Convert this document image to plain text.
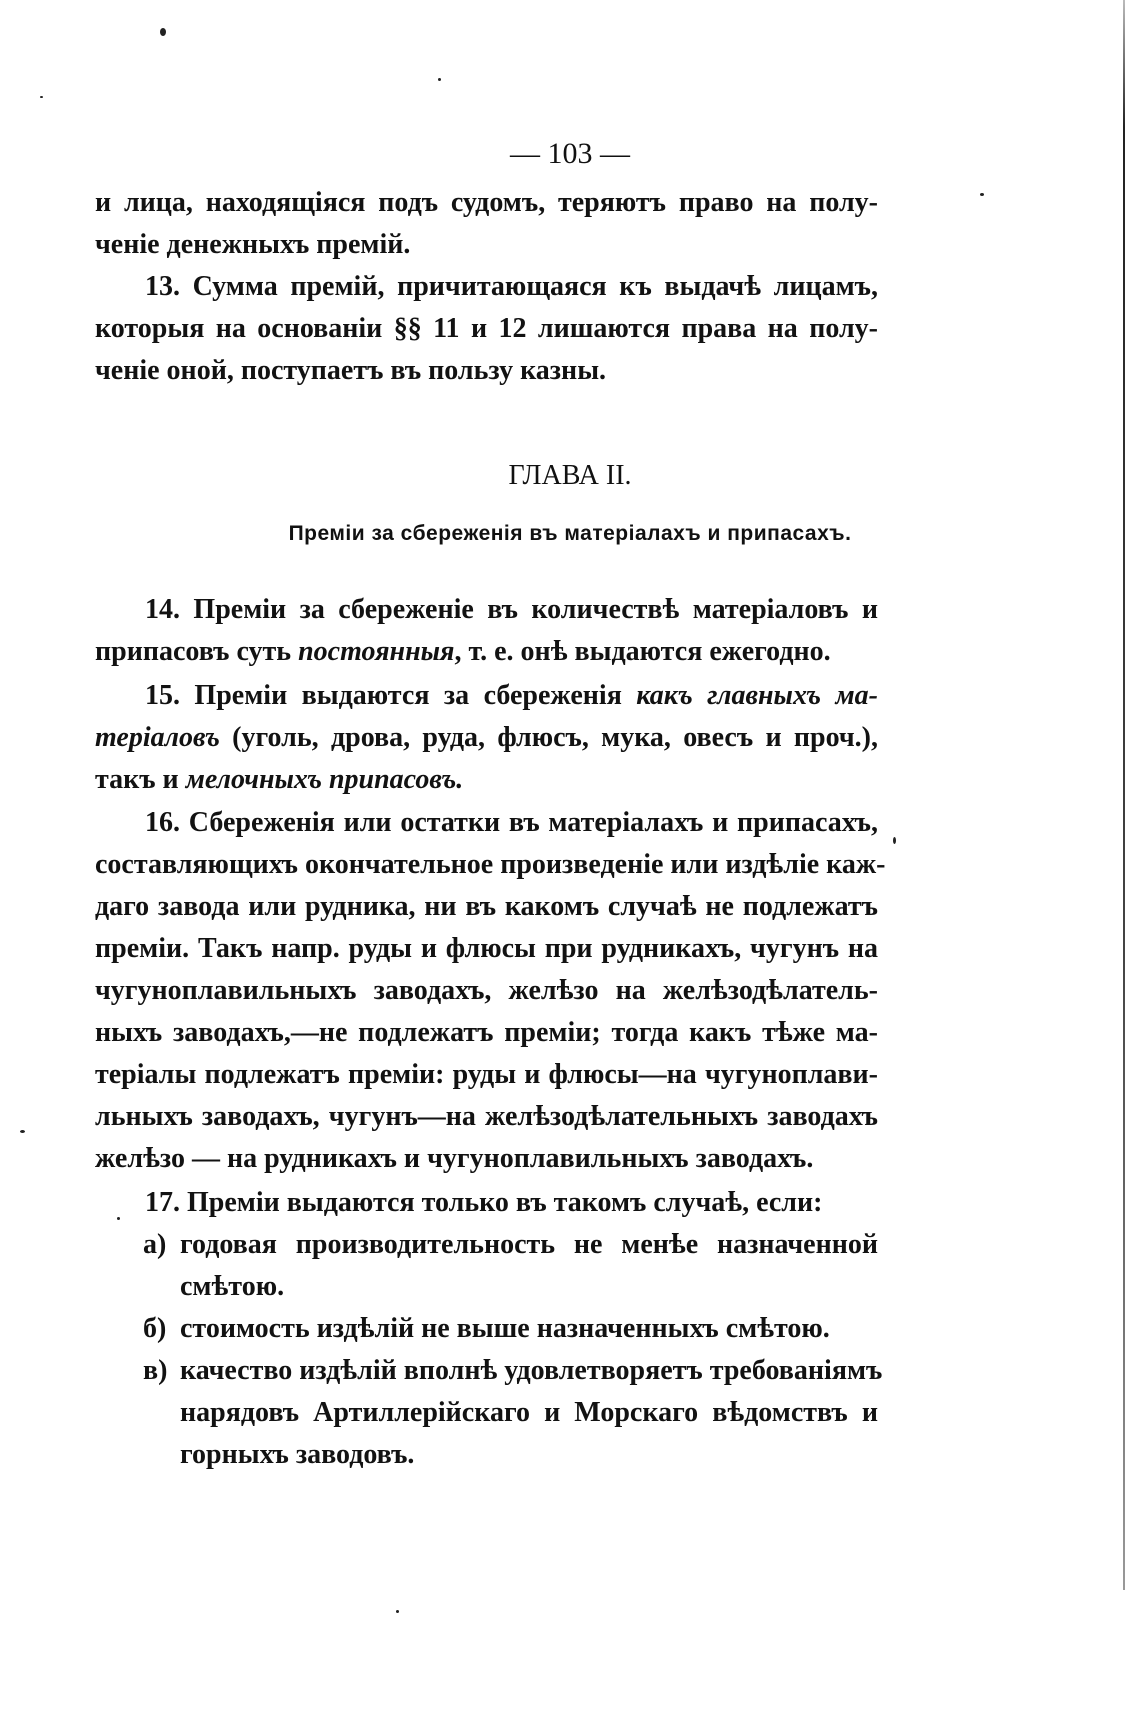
— 103 —
и лица, находящіяся подъ судомъ, теряютъ право на полу-
ченіе денежныхъ премій.
13. Сумма премій, причитающаяся къ выдачѣ лицамъ,
которыя на основаніи §§ 11 и 12 лишаются права на полу-
ченіе оной, поступаетъ въ пользу казны.
ГЛАВА II.
Преміи за сбереженія въ матеріалахъ и припасахъ.
14. Преміи за сбереженіе въ количествѣ матеріаловъ и
припасовъ суть постоянныя, т. е. онѣ выдаются ежегодно.
15. Преміи выдаются за сбереженія какъ главныхъ ма-
теріаловъ (уголь, дрова, руда, флюсъ, мука, овесъ и проч.),
такъ и мелочныхъ припасовъ.
16. Сбереженія или остатки въ матеріалахъ и припасахъ,
составляющихъ окончательное произведеніе или издѣліе каж-
даго завода или рудника, ни въ какомъ случаѣ не подлежатъ
преміи. Такъ напр. руды и флюсы при рудникахъ, чугунъ на
чугуноплавильныхъ заводахъ, желѣзо на желѣзодѣлатель-
ныхъ заводахъ,—не подлежатъ преміи; тогда какъ тѣже ма-
теріалы подлежатъ преміи: руды и флюсы—на чугуноплави-
льныхъ заводахъ, чугунъ—на желѣзодѣлательныхъ заводахъ
желѣзо — на рудникахъ и чугуноплавильныхъ заводахъ.
17. Преміи выдаются только въ такомъ случаѣ, если:
а) годовая производительность не менѣе назначенной
смѣтою.
б) стоимость издѣлій не выше назначенныхъ смѣтою.
в) качество издѣлій вполнѣ удовлетворяетъ требованіямъ
нарядовъ Артиллерійскаго и Морскаго вѣдомствъ и
горныхъ заводовъ.
